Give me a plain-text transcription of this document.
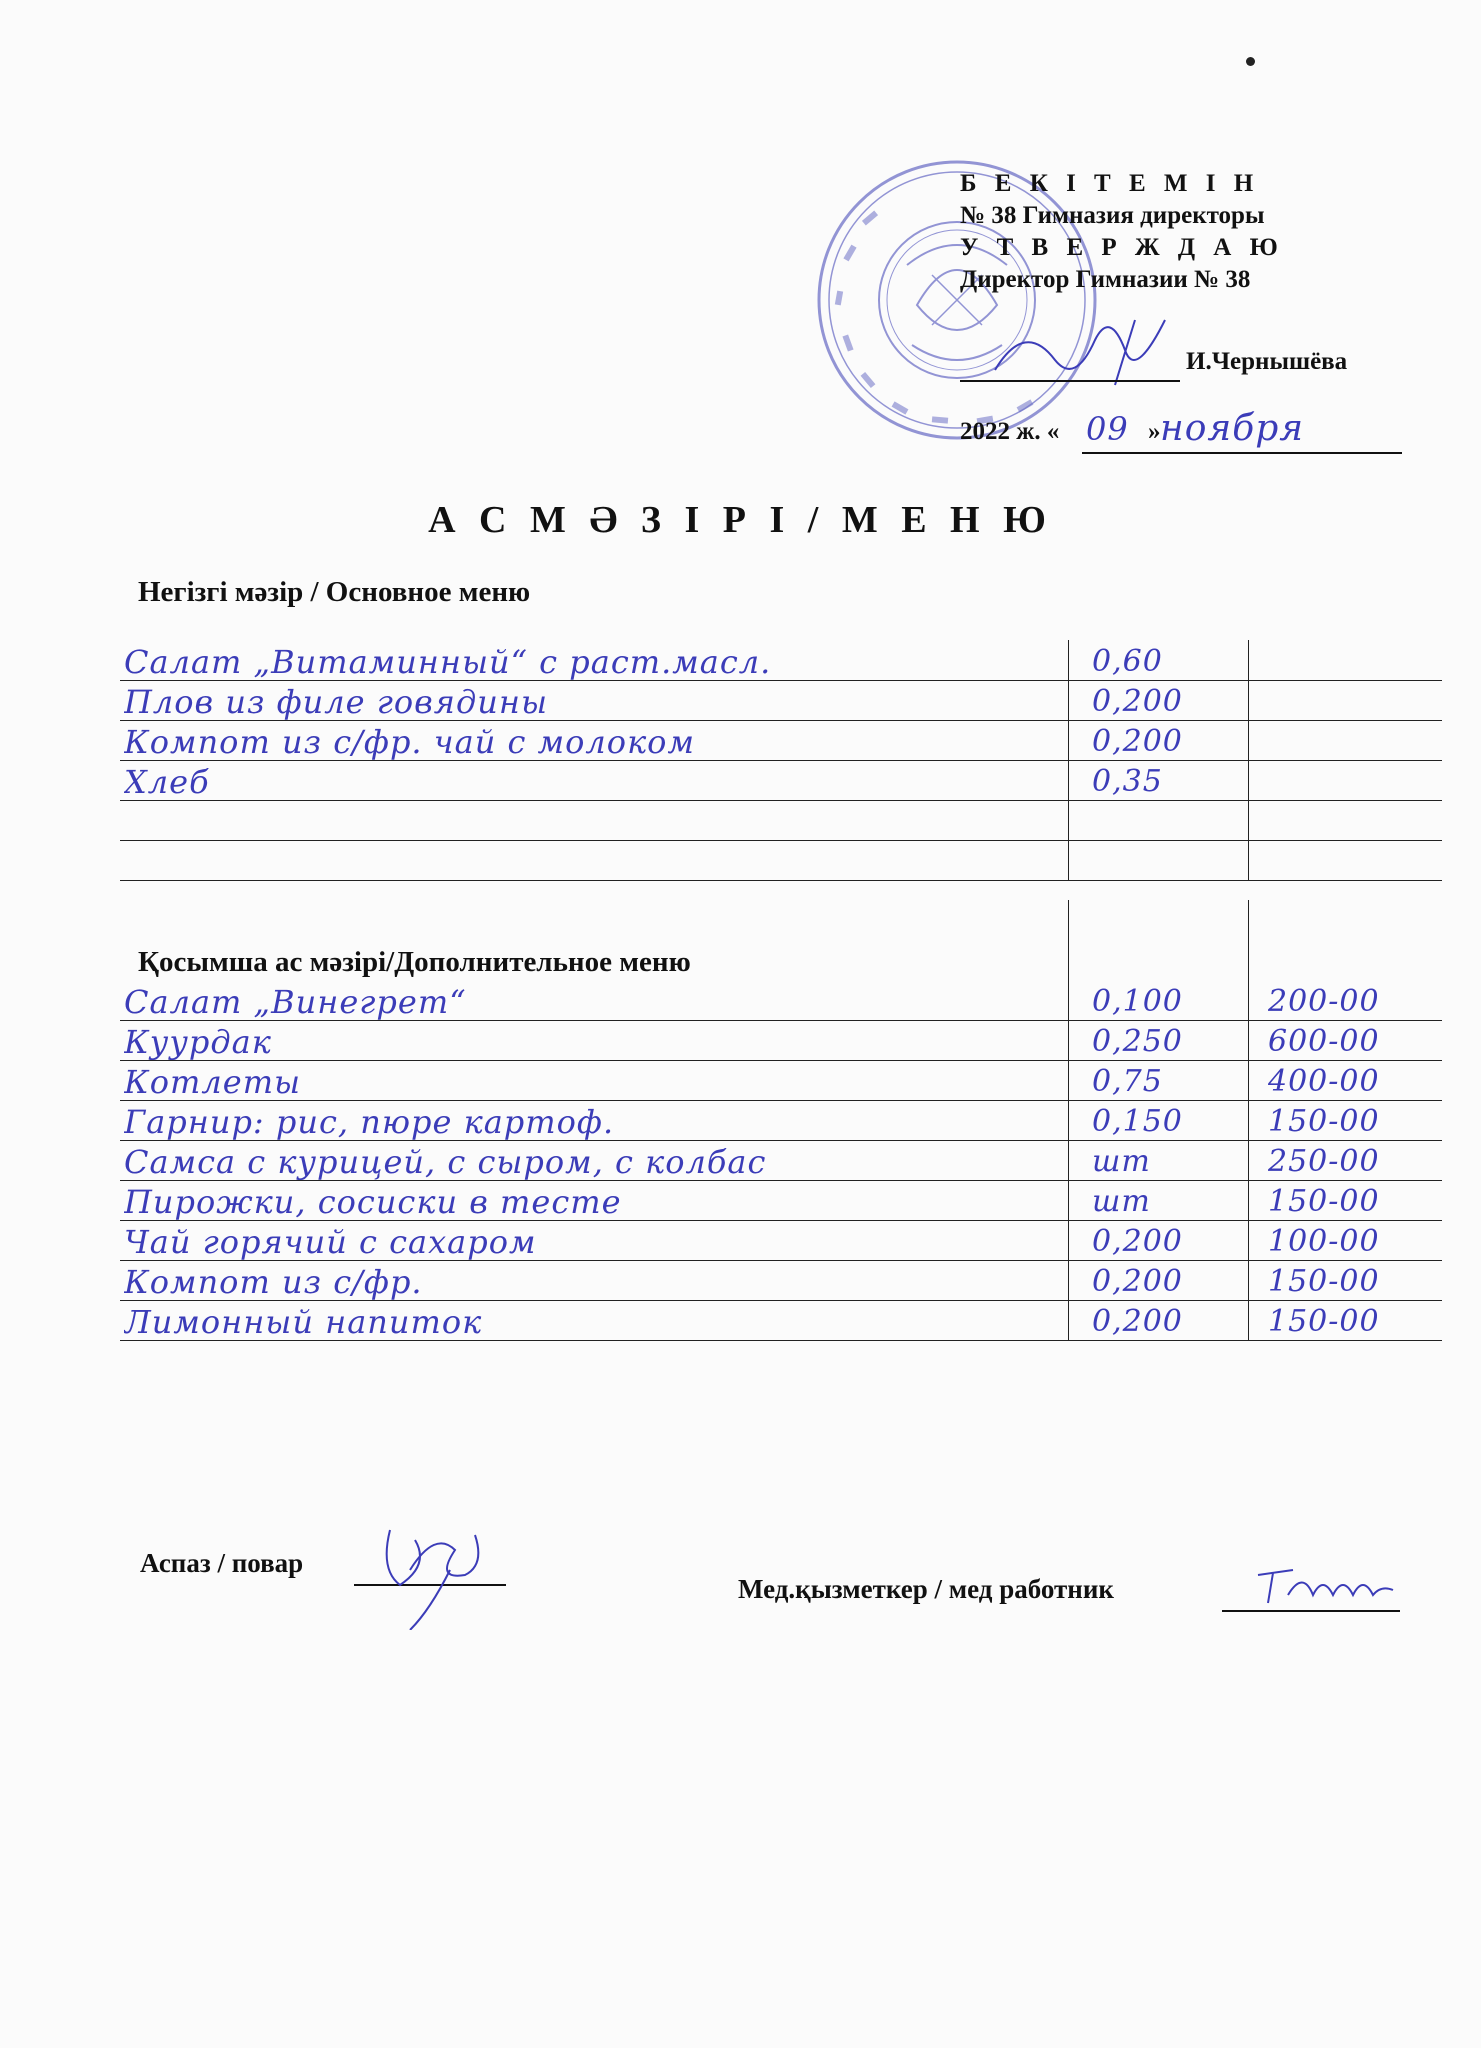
Б Е К І Т Е М І Н
№ 38 Гимназия директоры
У Т В Е Р Ж Д А Ю
Директор Гимназии № 38
И.Чернышёва
2022 ж. « 09 » ноября
А С М Ә З І Р І / М Е Н Ю
Негізгі мәзір / Основное меню
Салат „Витаминный“ с раст.масл.	0,60
Плов из филе говядины	0,200
Компот из с/фр. чай с молоком	0,200
Хлеб	0,35
Қосымша ас мәзірі/Дополнительное меню
Салат „Винегрет“	0,100	200-00
Куурдак	0,250	600-00
Котлеты	0,75	400-00
Гарнир: рис, пюре картоф.	0,150	150-00
Самса с курицей, с сыром, с колбас	шт	250-00
Пирожки, сосиски в тесте	шт	150-00
Чай горячий с сахаром	0,200	100-00
Компот из с/фр.	0,200	150-00
Лимонный напиток	0,200	150-00
Аспаз / повар
Мед.қызметкер / мед работник
